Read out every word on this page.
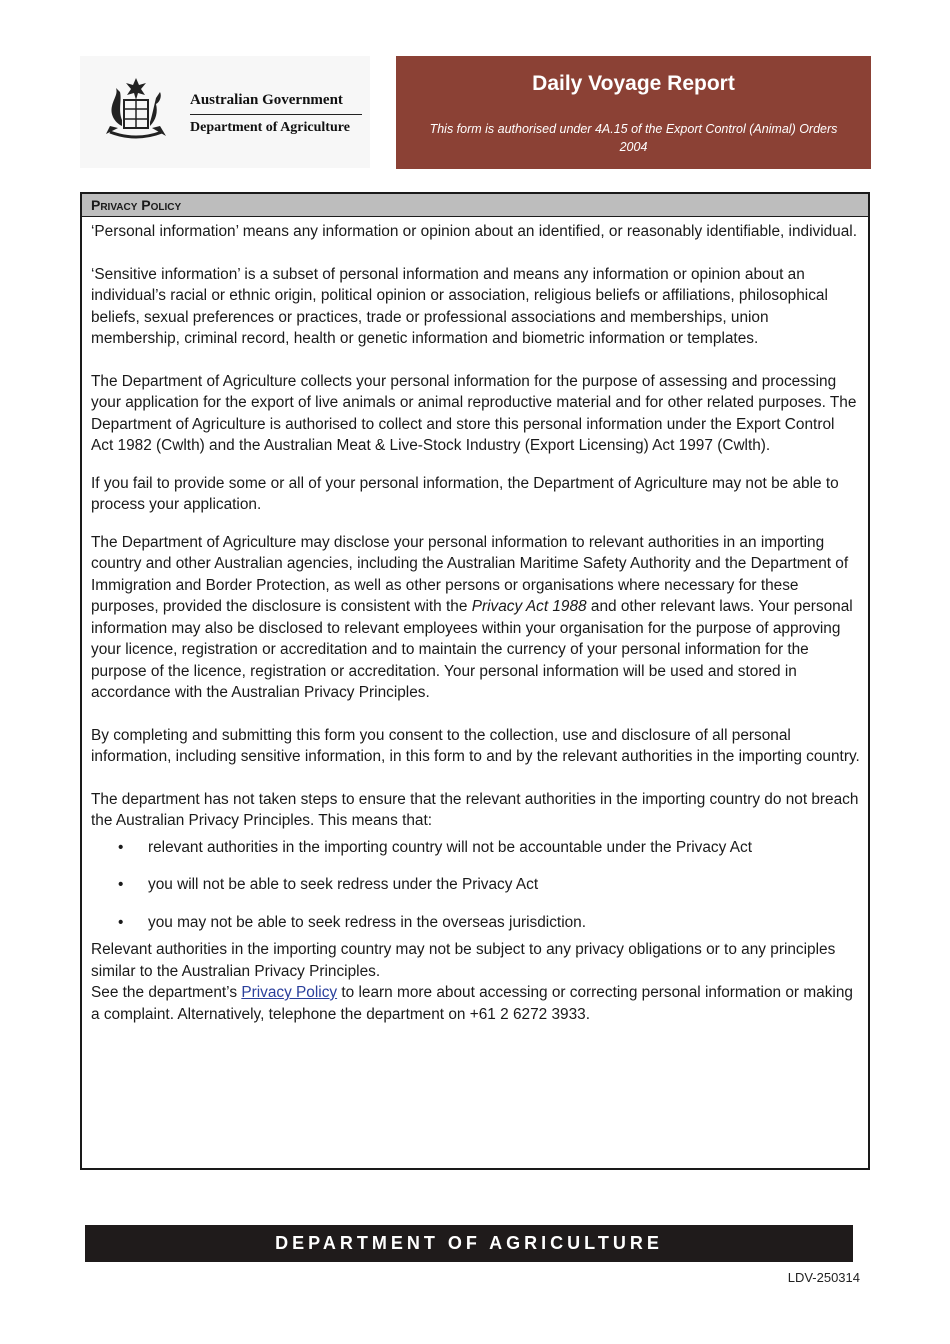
Australian Government
Department of Agriculture
Daily Voyage Report

This form is authorised under 4A.15 of the Export Control (Animal) Orders 2004

Privacy Policy

‘Personal information’ means any information or opinion about an identified, or reasonably identifiable, individual.

‘Sensitive information’ is a subset of personal information and means any information or opinion about an individual’s racial or ethnic origin, political opinion or association, religious beliefs or affiliations, philosophical beliefs, sexual preferences or practices, trade or professional associations and memberships, union membership, criminal record, health or genetic information and biometric information or templates.

The Department of Agriculture collects your personal information for the purpose of assessing and processing your application for the export of live animals or animal reproductive material and for other related purposes. The Department of Agriculture is authorised to collect and store this personal information under the Export Control Act 1982 (Cwlth) and the Australian Meat & Live-Stock Industry (Export Licensing) Act 1997 (Cwlth).

If you fail to provide some or all of your personal information, the Department of Agriculture may not be able to process your application.

The Department of Agriculture may disclose your personal information to relevant authorities in an importing country and other Australian agencies, including the Australian Maritime Safety Authority and the Department of Immigration and Border Protection, as well as other persons or organisations where necessary for these purposes, provided the disclosure is consistent with the Privacy Act 1988 and other relevant laws. Your personal information may also be disclosed to relevant employees within your organisation for the purpose of approving your licence, registration or accreditation and to maintain the currency of your personal information for the purpose of the licence, registration or accreditation. Your personal information will be used and stored in accordance with the Australian Privacy Principles.

By completing and submitting this form you consent to the collection, use and disclosure of all personal information, including sensitive information, in this form to and by the relevant authorities in the importing country.

The department has not taken steps to ensure that the relevant authorities in the importing country do not breach the Australian Privacy Principles. This means that:

• relevant authorities in the importing country will not be accountable under the Privacy Act
• you will not be able to seek redress under the Privacy Act
• you may not be able to seek redress in the overseas jurisdiction.

Relevant authorities in the importing country may not be subject to any privacy obligations or to any principles similar to the Australian Privacy Principles.

See the department’s Privacy Policy to learn more about accessing or correcting personal information or making a complaint. Alternatively, telephone the department on +61 2 6272 3933.

DEPARTMENT OF AGRICULTURE
LDV-250314
